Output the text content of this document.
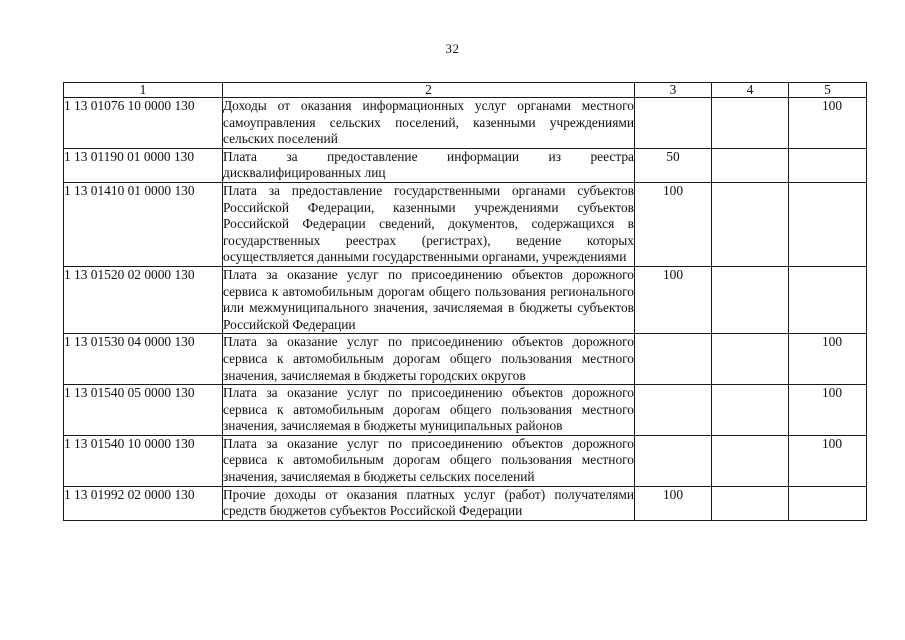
32
1	2	3	4	5
1 13 01076 10 0000 130	Доходы от оказания информационных услуг органами местного самоуправления сельских поселений, казенными учреждениями сельских поселений			100

1 13 01190 01 0000 130	Плата за предоставление информации из реестра дисквалифицированных лиц	50		

1 13 01410 01 0000 130	Плата за предоставление государственными органами субъектов Российской Федерации, казенными учреждениями субъектов Российской Федерации сведений, документов, содержащихся в государственных реестрах (регистрах), ведение которых осуществляется данными государственными органами, учреждениями	100		

1 13 01520 02 0000 130	Плата за оказание услуг по присоединению объектов дорожного сервиса к автомобильным дорогам общего пользования регионального или межмуниципального значения, зачисляемая в бюджеты субъектов Российской Федерации	100		

1 13 01530 04 0000 130	Плата за оказание услуг по присоединению объектов дорожного сервиса к автомобильным дорогам общего пользования местного значения, зачисляемая в бюджеты городских округов			100

1 13 01540 05 0000 130	Плата за оказание услуг по присоединению объектов дорожного сервиса к автомобильным дорогам общего пользования местного значения, зачисляемая в бюджеты муниципальных районов			100

1 13 01540 10 0000 130	Плата за оказание услуг по присоединению объектов дорожного сервиса к автомобильным дорогам общего пользования местного значения, зачисляемая в бюджеты сельских поселений			100

1 13 01992 02 0000 130	Прочие доходы от оказания платных услуг (работ) получателями средств бюджетов субъектов Российской Федерации	100		
